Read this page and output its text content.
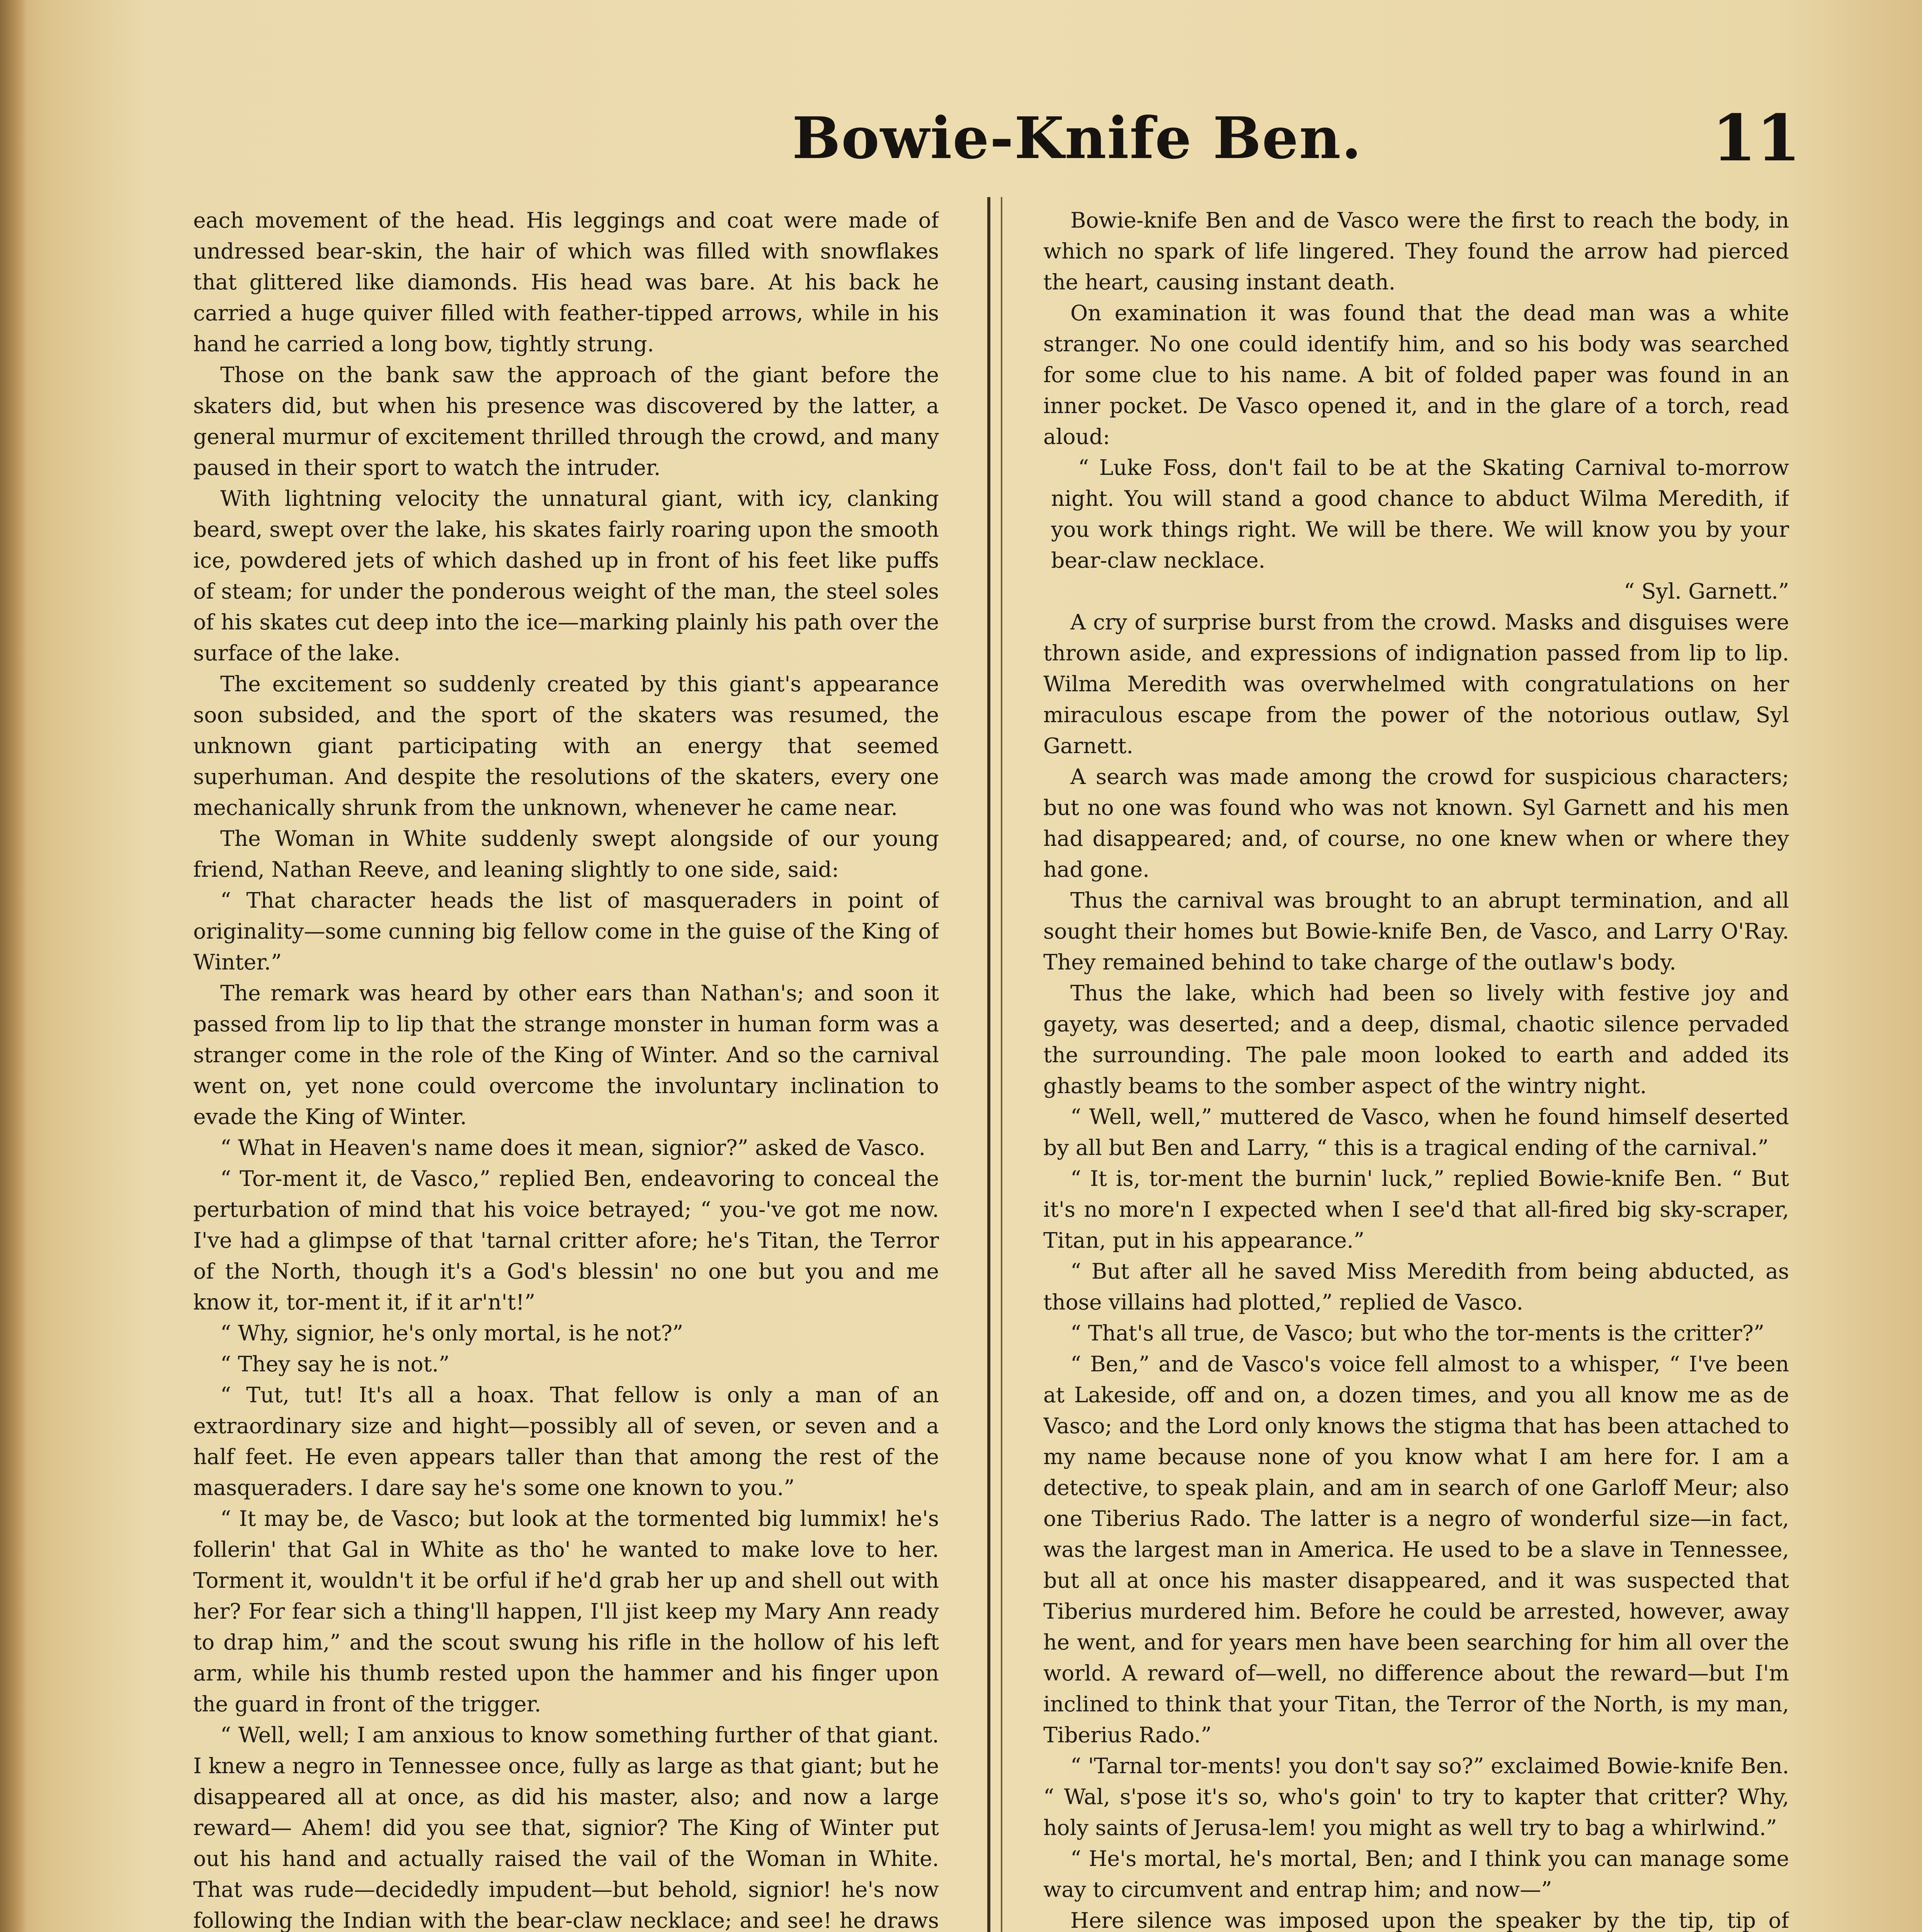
Bowie-Knife Ben.	11

each movement of the head. His leggings and coat were made of undressed bear-skin, the hair of which was filled with snowflakes that glittered like diamonds. His head was bare. At his back he carried a huge quiver filled with feather-tipped arrows, while in his hand he carried a long bow, tightly strung.

Those on the bank saw the approach of the giant before the skaters did, but when his presence was discovered by the latter, a general murmur of excitement thrilled through the crowd, and many paused in their sport to watch the intruder.

With lightning velocity the unnatural giant, with icy, clanking beard, swept over the lake, his skates fairly roaring upon the smooth ice, powdered jets of which dashed up in front of his feet like puffs of steam; for under the ponderous weight of the man, the steel soles of his skates cut deep into the ice—marking plainly his path over the surface of the lake.

The excitement so suddenly created by this giant's appearance soon subsided, and the sport of the skaters was resumed, the unknown giant participating with an energy that seemed superhuman. And despite the resolutions of the skaters, every one mechanically shrunk from the unknown, whenever he came near.

The Woman in White suddenly swept alongside of our young friend, Nathan Reeve, and leaning slightly to one side, said:

“ That character heads the list of masqueraders in point of originality—some cunning big fellow come in the guise of the King of Winter.”

The remark was heard by other ears than Nathan's; and soon it passed from lip to lip that the strange monster in human form was a stranger come in the role of the King of Winter. And so the carnival went on, yet none could overcome the involuntary inclination to evade the King of Winter.

“ What in Heaven's name does it mean, signior?” asked de Vasco.

“ Tor-ment it, de Vasco,” replied Ben, endeavoring to conceal the perturbation of mind that his voice betrayed; “ you-'ve got me now. I've had a glimpse of that 'tarnal critter afore; he's Titan, the Terror of the North, though it's a God's blessin' no one but you and me know it, tor-ment it, if it ar'n't!”

“ Why, signior, he's only mortal, is he not?”

“ They say he is not.”

“ Tut, tut! It's all a hoax. That fellow is only a man of an extraordinary size and hight—possibly all of seven, or seven and a half feet. He even appears taller than that among the rest of the masqueraders. I dare say he's some one known to you.”

“ It may be, de Vasco; but look at the tormented big lummix! he's follerin' that Gal in White as tho' he wanted to make love to her. Torment it, wouldn't it be orful if he'd grab her up and shell out with her? For fear sich a thing'll happen, I'll jist keep my Mary Ann ready to drap him,” and the scout swung his rifle in the hollow of his left arm, while his thumb rested upon the hammer and his finger upon the guard in front of the trigger.

“ Well, well; I am anxious to know something further of that giant. I knew a negro in Tennessee once, fully as large as that giant; but he disappeared all at once, as did his master, also; and now a large reward— Ahem! did you see that, signior? The King of Winter put out his hand and actually raised the vail of the Woman in White. That was rude—decidedly impudent—but behold, signior! he's now following the Indian with the bear-claw necklace; and see! he draws

Bowie-knife Ben and de Vasco were the first to reach the body, in which no spark of life lingered. They found the arrow had pierced the heart, causing instant death.

On examination it was found that the dead man was a white stranger. No one could identify him, and so his body was searched for some clue to his name. A bit of folded paper was found in an inner pocket. De Vasco opened it, and in the glare of a torch, read aloud:

“ Luke Foss, don't fail to be at the Skating Carnival to-morrow night. You will stand a good chance to abduct Wilma Meredith, if you work things right. We will be there. We will know you by your bear-claw necklace.

“ Syl. Garnett.”

A cry of surprise burst from the crowd. Masks and disguises were thrown aside, and expressions of indignation passed from lip to lip. Wilma Meredith was overwhelmed with congratulations on her miraculous escape from the power of the notorious outlaw, Syl Garnett.

A search was made among the crowd for suspicious characters; but no one was found who was not known. Syl Garnett and his men had disappeared; and, of course, no one knew when or where they had gone.

Thus the carnival was brought to an abrupt termination, and all sought their homes but Bowie-knife Ben, de Vasco, and Larry O'Ray. They remained behind to take charge of the outlaw's body.

Thus the lake, which had been so lively with festive joy and gayety, was deserted; and a deep, dismal, chaotic silence pervaded the surrounding. The pale moon looked to earth and added its ghastly beams to the somber aspect of the wintry night.

“ Well, well,” muttered de Vasco, when he found himself deserted by all but Ben and Larry, “ this is a tragical ending of the carnival.”

“ It is, tor-ment the burnin' luck,” replied Bowie-knife Ben. “ But it's no more'n I expected when I see'd that all-fired big sky-scraper, Titan, put in his appearance.”

“ But after all he saved Miss Meredith from being abducted, as those villains had plotted,” replied de Vasco.

“ That's all true, de Vasco; but who the tor-ments is the critter?”

“ Ben,” and de Vasco's voice fell almost to a whisper, “ I've been at Lakeside, off and on, a dozen times, and you all know me as de Vasco; and the Lord only knows the stigma that has been attached to my name because none of you know what I am here for. I am a detective, to speak plain, and am in search of one Garloff Meur; also one Tiberius Rado. The latter is a negro of wonderful size—in fact, was the largest man in America. He used to be a slave in Tennessee, but all at once his master disappeared, and it was suspected that Tiberius murdered him. Before he could be arrested, however, away he went, and for years men have been searching for him all over the world. A reward of—well, no difference about the reward—but I'm inclined to think that your Titan, the Terror of the North, is my man, Tiberius Rado.”

“ 'Tarnal tor-ments! you don't say so?” exclaimed Bowie-knife Ben. “ Wal, s'pose it's so, who's goin' to try to kapter that critter? Why, holy saints of Jerusa-lem! you might as well try to bag a whirlwind.”

“ He's mortal, he's mortal, Ben; and I think you can manage some way to circumvent and entrap him; and now—”

Here silence was imposed upon the speaker by the tip, tip of
